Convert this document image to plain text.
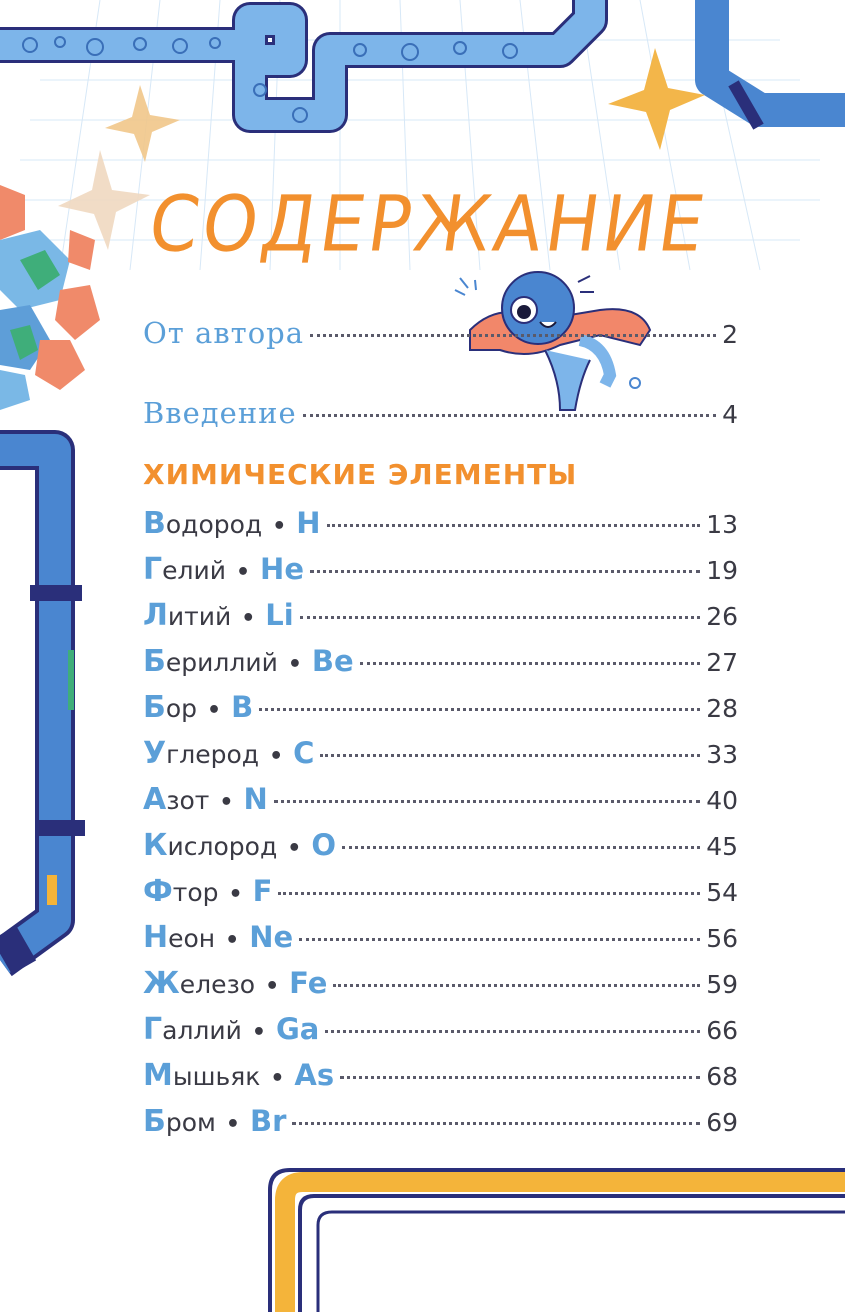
СОДЕРЖАНИЕ
От автора	2
Введение	4
ХИМИЧЕСКИЕ ЭЛЕМЕНТЫ
Водород • H	13
Гелий • He	19
Литий • Li	26
Бериллий • Be	27
Бор • B	28
Углерод • C	33
Азот • N	40
Кислород • O	45
Фтор • F	54
Неон • Ne	56
Железо • Fe	59
Галлий • Ga	66
Мышьяк • As	68
Бром • Br	69
